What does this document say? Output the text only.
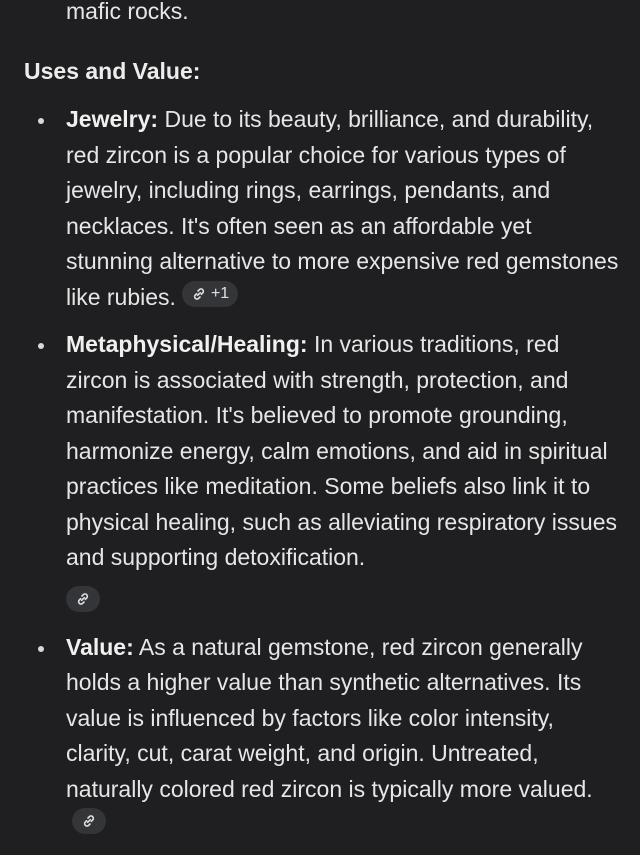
mafic rocks.

Uses and Value:

Jewelry: Due to its beauty, brilliance, and durability, red zircon is a popular choice for various types of jewelry, including rings, earrings, pendants, and necklaces. It's often seen as an affordable yet stunning alternative to more expensive red gemstones like rubies. +1
Metaphysical/Healing: In various traditions, red zircon is associated with strength, protection, and manifestation. It's believed to promote grounding, harmonize energy, calm emotions, and aid in spiritual practices like meditation. Some beliefs also link it to physical healing, such as alleviating respiratory issues and supporting detoxification.
Value: As a natural gemstone, red zircon generally holds a higher value than synthetic alternatives. Its value is influenced by factors like color intensity, clarity, cut, carat weight, and origin. Untreated, naturally colored red zircon is typically more valued.
